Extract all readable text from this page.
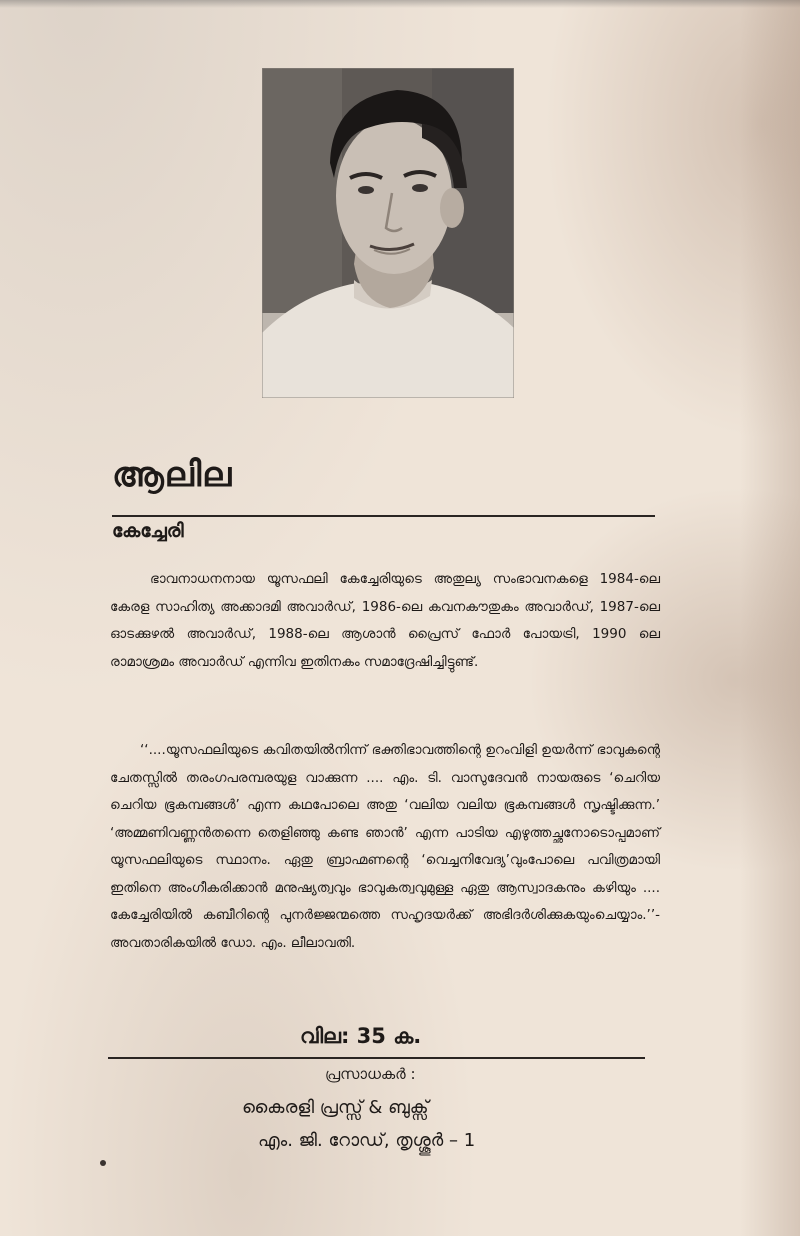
ആലില
കേച്ചേരി
ഭാവനാധനനായ യൂസഫലി കേച്ചേരിയുടെ അതുല്യ സംഭാവനകളെ 1984-ലെ കേരള സാഹിത്യ അക്കാദമി അവാർഡ്, 1986-ലെ കവനകൗതുകം അവാർഡ്, 1987-ലെ ഓടക്കുഴൽ അവാർഡ്, 1988-ലെ ആശാൻ പ്രൈസ് ഫോർ പോയട്രി, 1990 ലെ രാമാശ്രമം അവാർഡ് എന്നിവ ഇതിനകം സമാദ്രേഷിച്ചിട്ടുണ്ട്.
‘‘....യൂസഫലിയുടെ കവിതയിൽനിന്ന് ഭക്തിഭാവത്തിന്റെ ഉറംവിളി ഉയർന്ന് ഭാവുകന്റെ ചേതസ്സിൽ തരംഗപരമ്പരയുള വാക്കുന്ന .... എം. ടി. വാസുദേവൻ നായരുടെ ‘ചെറിയ ചെറിയ ഭൂകമ്പങ്ങൾ’ എന്ന കഥപോലെ അതു ‘വലിയ വലിയ ഭൂകമ്പങ്ങൾ സൃഷ്ടിക്കുന്ന.’ ‘അമ്മണിവണ്ണൻതന്നെ തെളിഞ്ഞു കണ്ട ഞാൻ’ എന്ന പാടിയ എഴുത്തച്ഛനോടൊപ്പമാണ് യൂസഫലിയുടെ സ്ഥാനം. ഏതു ബ്രാഹ്മണന്റെ ‘വെച്ചനിവേദ്യ’വുംപോലെ പവിത്രമായി ഇതിനെ അംഗീകരിക്കാൻ മനുഷ്യത്വവും ഭാവുകത്വവുമുള്ള ഏതു ആസ്വാദകനും കഴിയും .... കേച്ചേരിയിൽ കബീറിന്റെ പുനർജ്ജന്മത്തെ സഹൃദയർക്ക് അഭിദർശിക്കുകയുംചെയ്യാം.’’-അവതാരികയിൽ ഡോ. എം. ലീലാവതി.
വില: 35 ക.
പ്രസാധകർ :
കൈരളി പ്രസ്സ് & ബുക്സ്
എം. ജി. റോഡ്, തൃശ്ശൂർ – 1
